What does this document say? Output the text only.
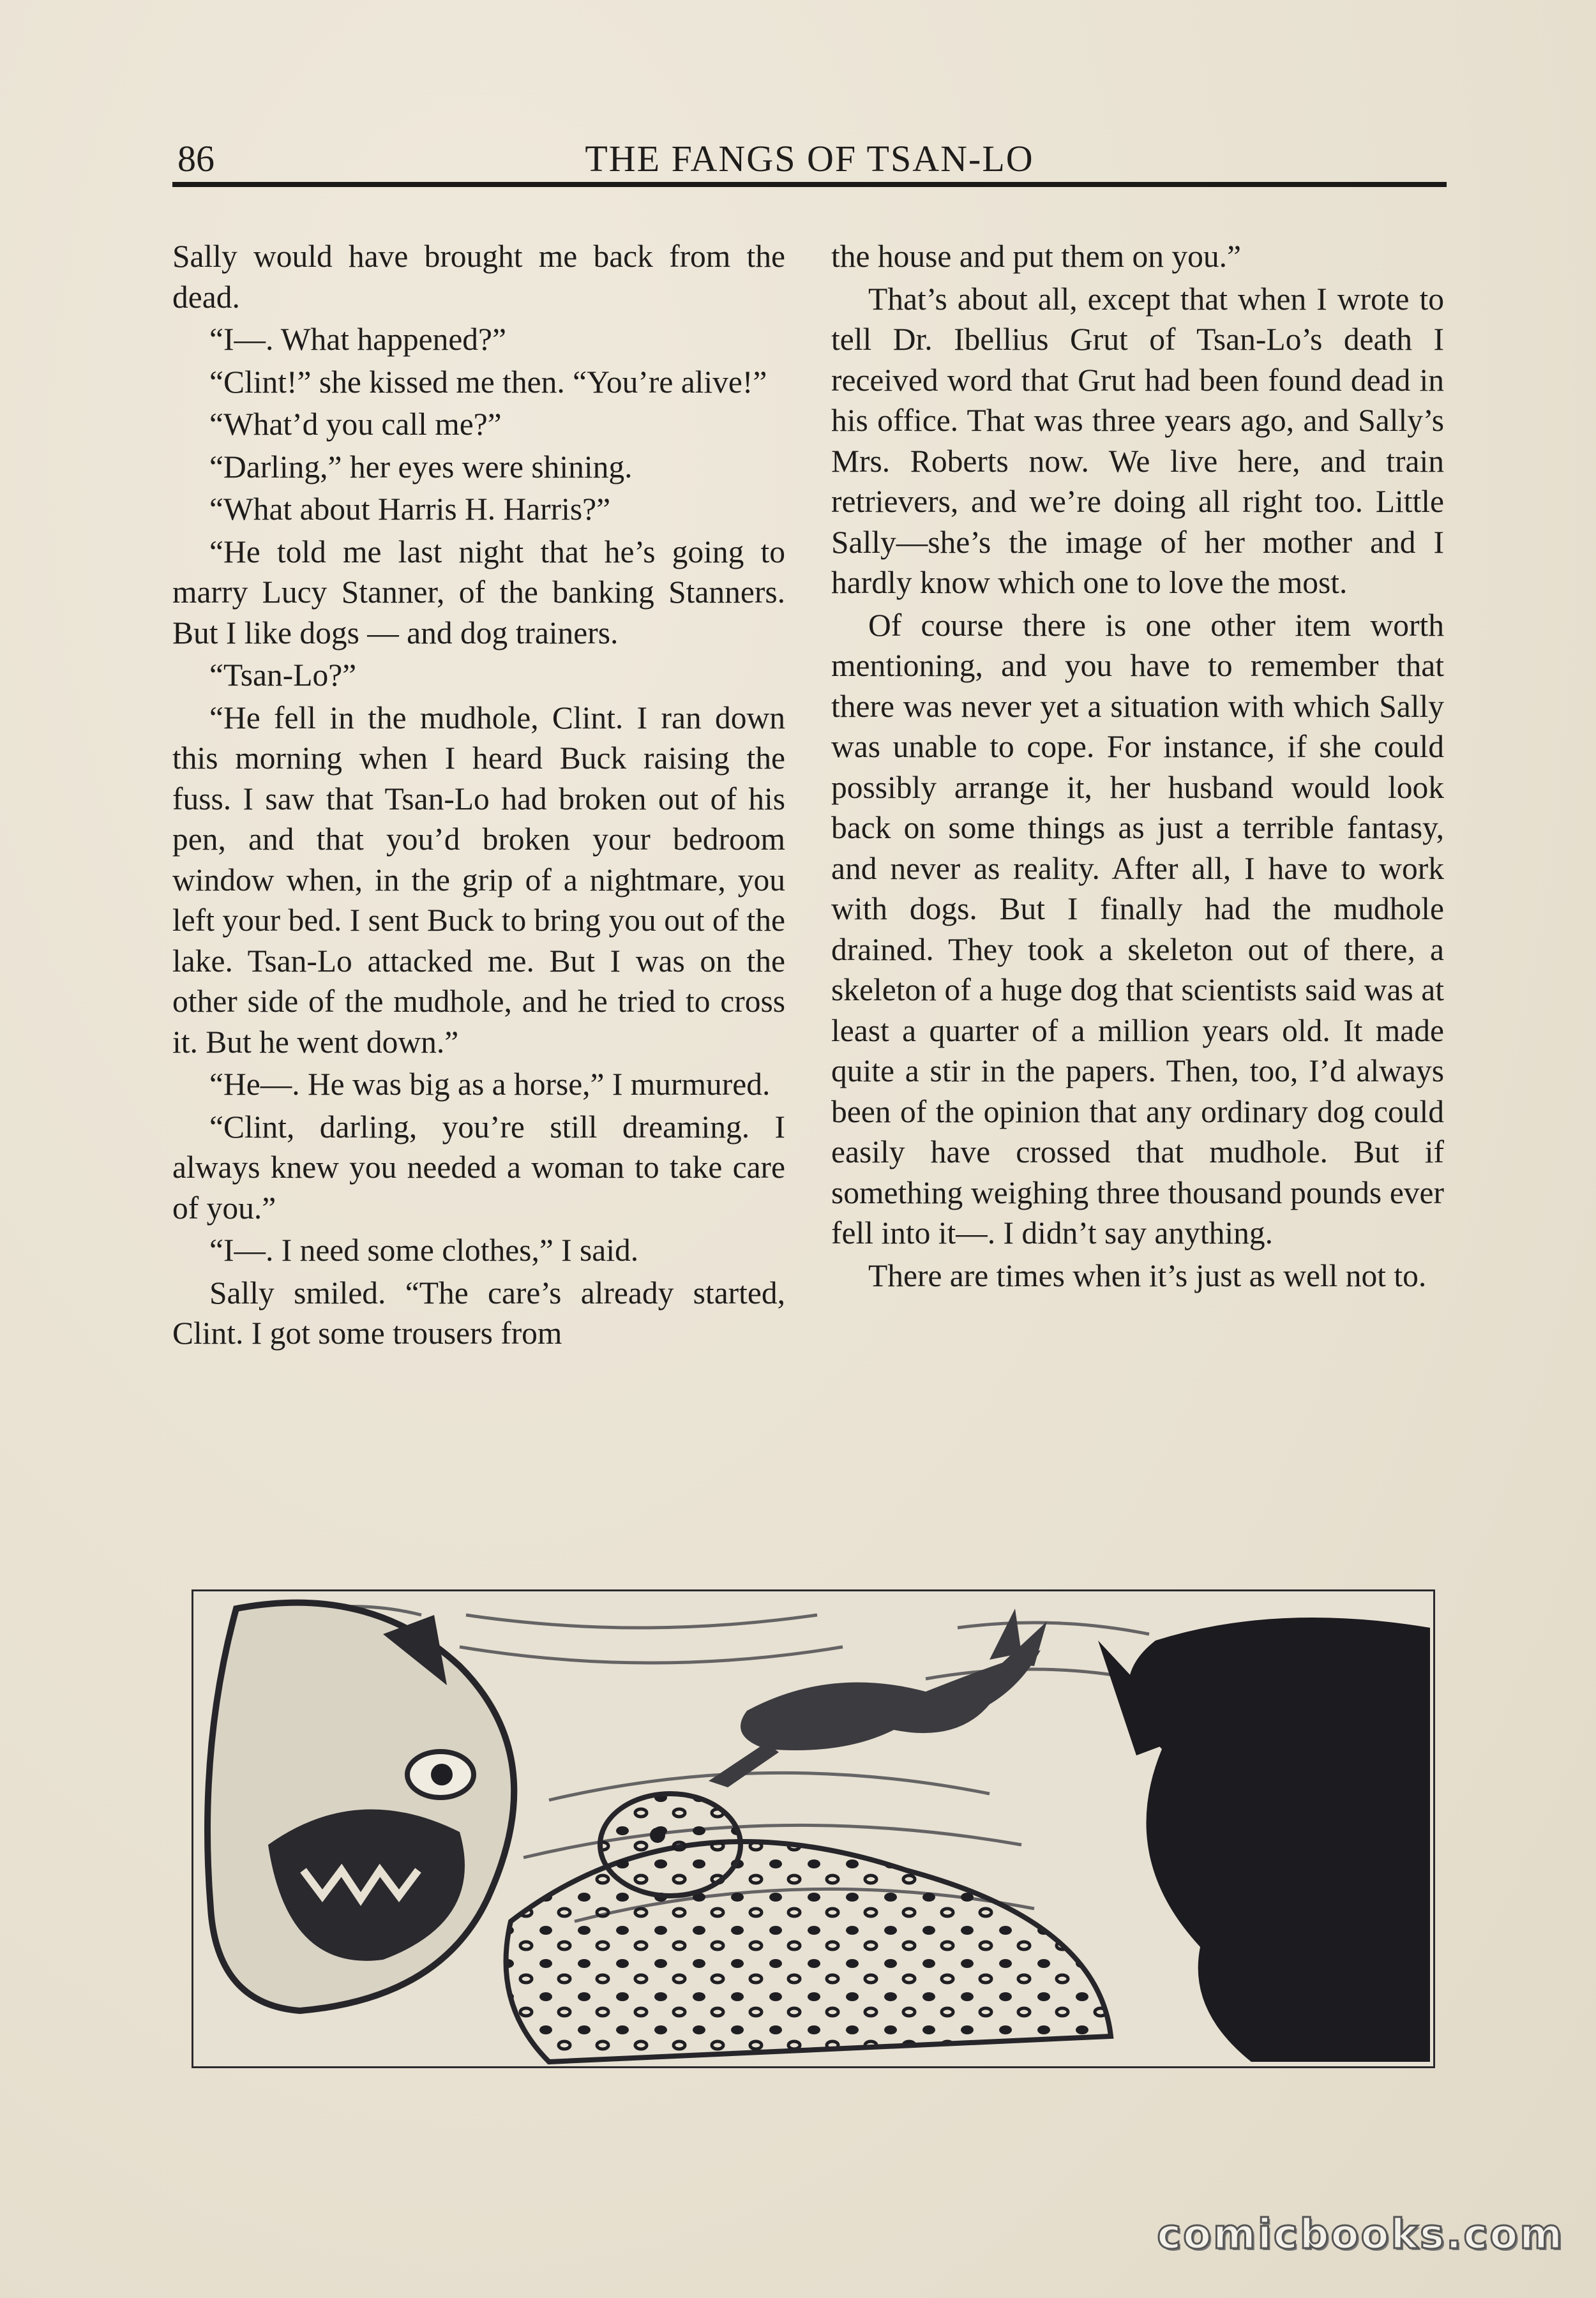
86	THE FANGS OF TSAN-LO

Sally would have brought me back from the dead.

“I—. What happened?”

“Clint!” she kissed me then. “You’re alive!”

“What’d you call me?”

“Darling,” her eyes were shining.

“What about Harris H. Harris?”

“He told me last night that he’s going to marry Lucy Stanner, of the banking Stanners. But I like dogs — and dog trainers.

“Tsan-Lo?”

“He fell in the mudhole, Clint. I ran down this morning when I heard Buck raising the fuss. I saw that Tsan-Lo had broken out of his pen, and that you’d broken your bedroom window when, in the grip of a nightmare, you left your bed. I sent Buck to bring you out of the lake. Tsan-Lo attacked me. But I was on the other side of the mudhole, and he tried to cross it. But he went down.”

“He—. He was big as a horse,” I murmured.

“Clint, darling, you’re still dreaming. I always knew you needed a woman to take care of you.”

“I—. I need some clothes,” I said.

Sally smiled. “The care’s already started, Clint. I got some trousers from

the house and put them on you.”

That’s about all, except that when I wrote to tell Dr. Ibellius Grut of Tsan-Lo’s death I received word that Grut had been found dead in his office. That was three years ago, and Sally’s Mrs. Roberts now. We live here, and train retrievers, and we’re doing all right too. Little Sally—she’s the image of her mother and I hardly know which one to love the most.

Of course there is one other item worth mentioning, and you have to remember that there was never yet a situation with which Sally was unable to cope. For instance, if she could possibly arrange it, her husband would look back on some things as just a terrible fantasy, and never as reality. After all, I have to work with dogs. But I finally had the mudhole drained. They took a skeleton out of there, a skeleton of a huge dog that scientists said was at least a quarter of a million years old. It made quite a stir in the papers. Then, too, I’d always been of the opinion that any ordinary dog could easily have crossed that mudhole. But if something weighing three thousand pounds ever fell into it—. I didn’t say anything.

There are times when it’s just as well not to.

comicbooks.com
